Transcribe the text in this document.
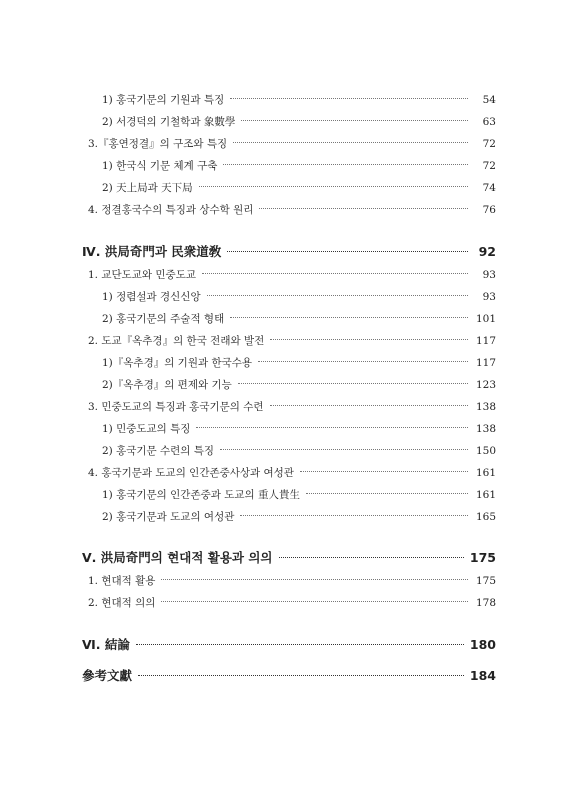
1) 홍국기문의 기원과 특징	54
2) 서경덕의 기철학과 象數學	63
3.『홍연정결』의 구조와 특징	72
1) 한국식 기문 체계 구축	72
2) 天上局과 天下局	74
4. 정결홍국수의 특징과 상수학 원리	76
Ⅳ. 洪局奇門과 民衆道敎	92
1. 교단도교와 민중도교	93
1) 정렴설과 경신신앙	93
2) 홍국기문의 주술적 형태	101
2. 도교『옥추경』의 한국 전래와 발전	117
1)『옥추경』의 기원과 한국수용	117
2)『옥추경』의 편제와 기능	123
3. 민중도교의 특징과 홍국기문의 수련	138
1) 민중도교의 특징	138
2) 홍국기문 수련의 특징	150
4. 홍국기문과 도교의 인간존중사상과 여성관	161
1) 홍국기문의 인간존중과 도교의 重人貴生	161
2) 홍국기문과 도교의 여성관	165
Ⅴ. 洪局奇門의 현대적 활용과 의의	175
1. 현대적 활용	175
2. 현대적 의의	178
Ⅵ. 結論	180
參考文獻	184
